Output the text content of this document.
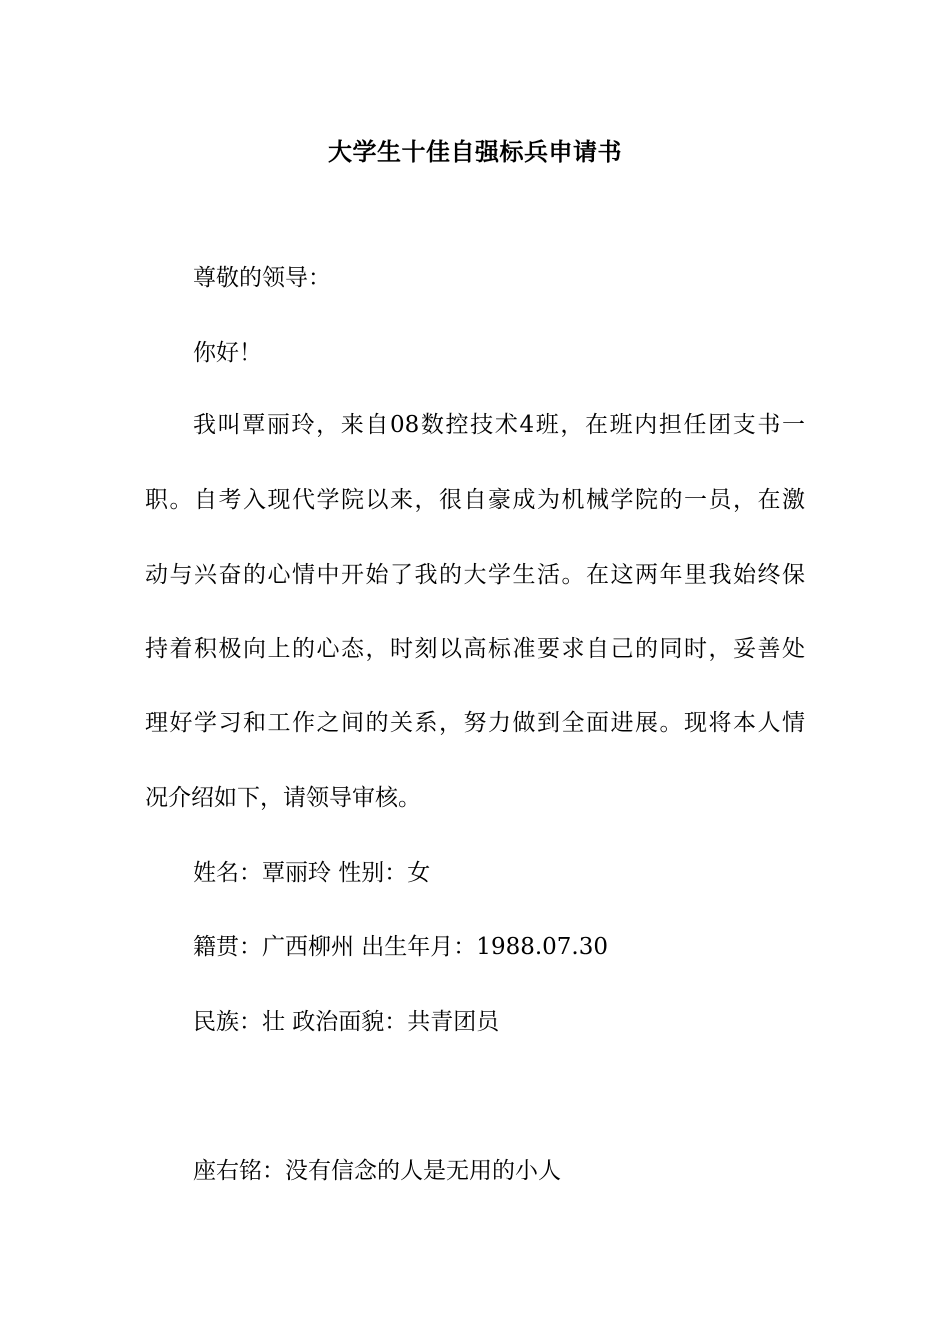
大学生十佳自强标兵申请书
尊敬的领导：
你好！
我叫覃丽玲，来自08数控技术4班，在班内担任团支书一
职。自考入现代学院以来，很自豪成为机械学院的一员，在激
动与兴奋的心情中开始了我的大学生活。在这两年里我始终保
持着积极向上的心态，时刻以高标准要求自己的同时，妥善处
理好学习和工作之间的关系，努力做到全面进展。现将本人情
况介绍如下，请领导审核。
姓名：覃丽玲 性别：女
籍贯：广西柳州 出生年月：1988.07.30
民族：壮 政治面貌：共青团员
座右铭：没有信念的人是无用的小人
